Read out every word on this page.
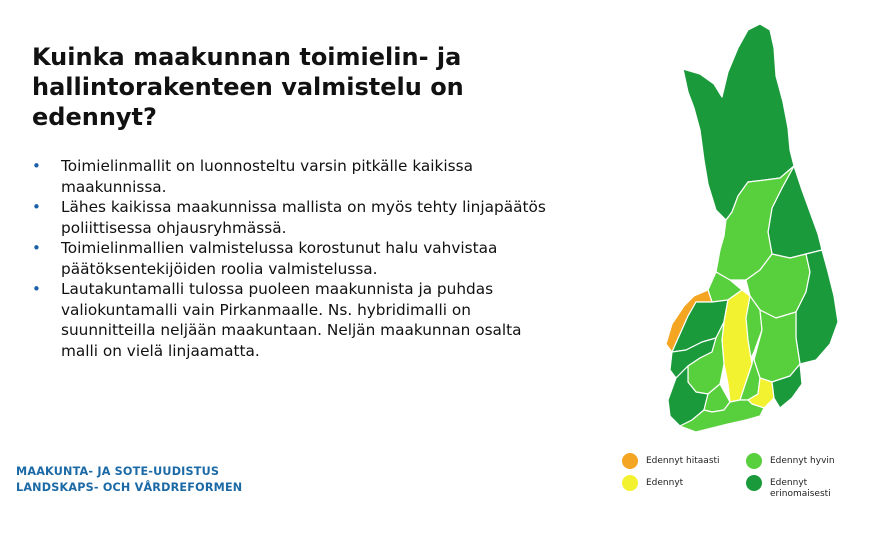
Kuinka maakunnan toimielin- ja hallintorakenteen valmistelu on edennyt?
• Toimielinmallit on luonnosteltu varsin pitkälle kaikissa maakunnissa.
• Lähes kaikissa maakunnissa mallista on myös tehty linjapäätös poliittisessa ohjausryhmässä.
• Toimielinmallien valmistelussa korostunut halu vahvistaa päätöksentekijöiden roolia valmistelussa.
• Lautakuntamalli tulossa puoleen maakunnista ja puhdas valiokuntamalli vain Pirkanmaalle. Ns. hybridimalli on suunnitteilla neljään maakuntaan. Neljän maakunnan osalta malli on vielä linjaamatta.
MAAKUNTA- JA SOTE-UUDISTUS
LANDSKAPS- OCH VÅRDREFORMEN
Edennyt hitaasti
Edennyt
Edennyt hyvin
Edennyt erinomaisesti
